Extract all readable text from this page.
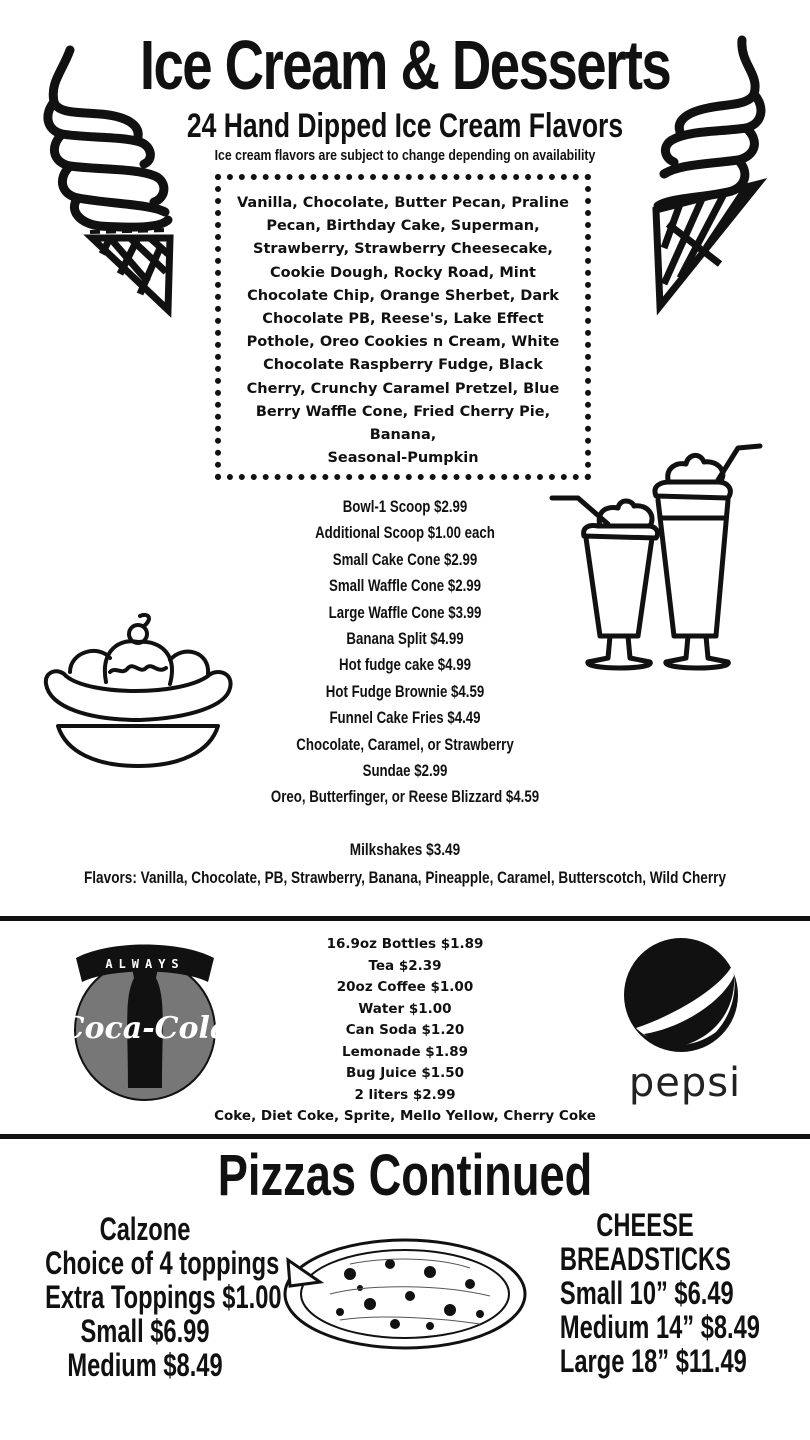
Ice Cream & Desserts
24 Hand Dipped Ice Cream Flavors
Ice cream flavors are subject to change depending on availability
Vanilla, Chocolate, Butter Pecan, Praline
Pecan, Birthday Cake, Superman,
Strawberry, Strawberry Cheesecake,
Cookie Dough, Rocky Road, Mint
Chocolate Chip, Orange Sherbet, Dark
Chocolate PB, Reese's, Lake Effect
Pothole, Oreo Cookies n Cream, White
Chocolate Raspberry Fudge, Black
Cherry, Crunchy Caramel Pretzel, Blue
Berry Waffle Cone, Fried Cherry Pie,
Banana,
Seasonal-Pumpkin
Bowl-1 Scoop $2.99
Additional Scoop $1.00 each
Small Cake Cone $2.99
Small Waffle Cone $2.99
Large Waffle Cone $3.99
Banana Split $4.99
Hot fudge cake $4.99
Hot Fudge Brownie $4.59
Funnel Cake Fries $4.49
Chocolate, Caramel, or Strawberry
Sundae $2.99
Oreo, Butterfinger, or Reese Blizzard $4.59
Milkshakes $3.49
Flavors: Vanilla, Chocolate, PB, Strawberry, Banana, Pineapple, Caramel, Butterscotch, Wild Cherry
Coca-Cola
ALWAYS
16.9oz Bottles $1.89
Tea $2.39
20oz Coffee $1.00
Water $1.00
Can Soda $1.20
Lemonade $1.89
Bug Juice $1.50
2 liters $2.99
Coke, Diet Coke, Sprite, Mello Yellow, Cherry Coke
pepsi
Pizzas Continued
Calzone
Choice of 4 toppings
Extra Toppings $1.00
Small $6.99
Medium $8.49
CHEESE
BREADSTICKS
Small 10” $6.49
Medium 14” $8.49
Large 18” $11.49
